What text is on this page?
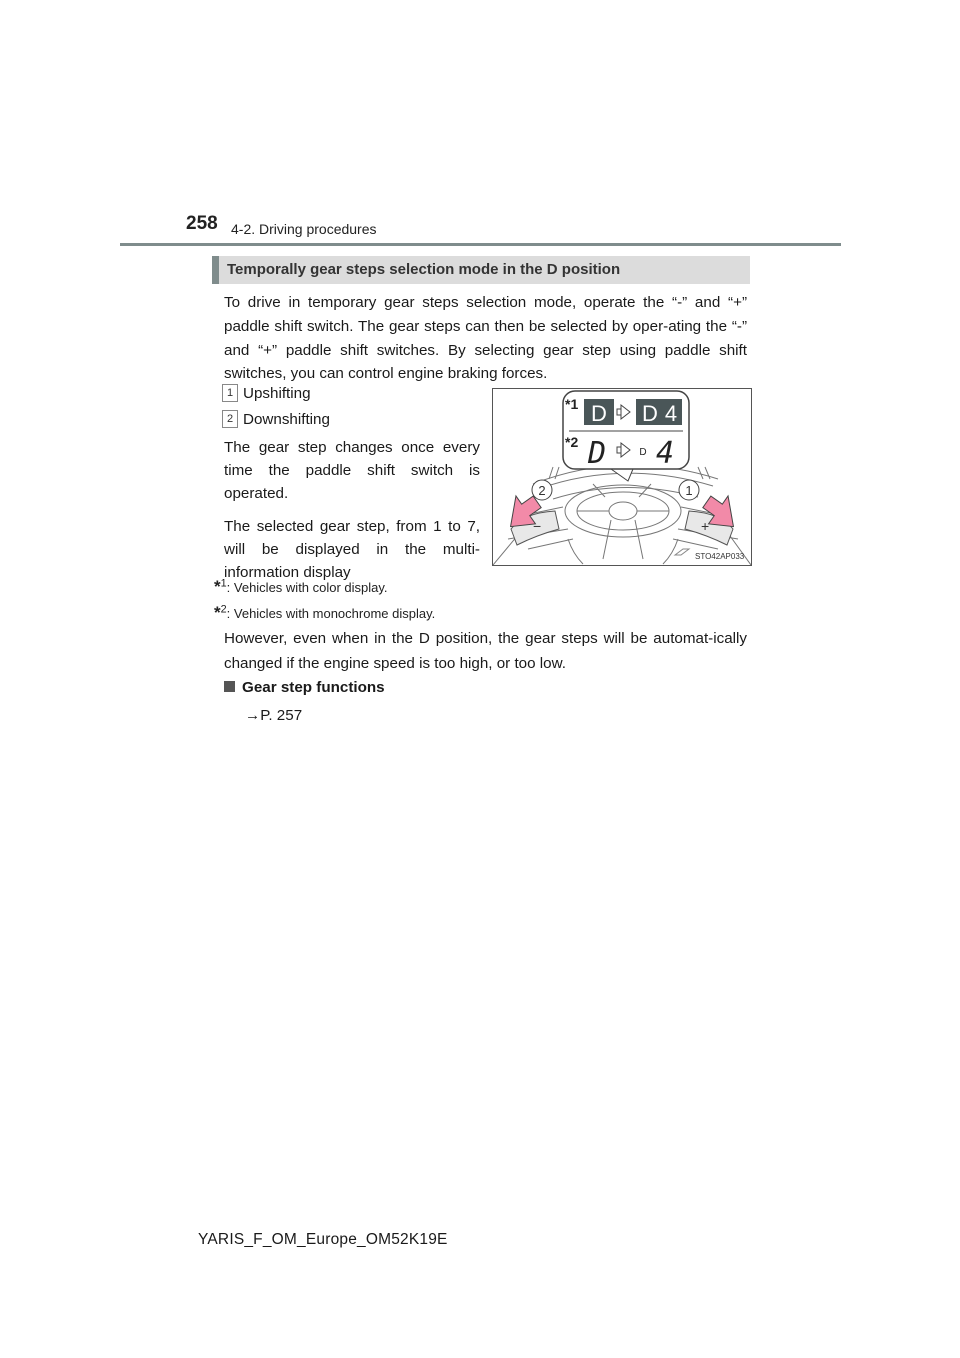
258 4-2. Driving procedures
Temporally gear steps selection mode in the D position
To drive in temporary gear steps selection mode, operate the “-” and “+” paddle shift switch. The gear steps can then be selected by oper-ating the “-” and “+” paddle shift switches. By selecting gear step using paddle shift switches, you can control engine braking forces.
1 Upshifting
2 Downshifting

The gear step changes once every time the paddle shift switch is operated.

The selected gear step, from 1 to 7, will be displayed in the multi-information display

*$^1$: Vehicles with color display.
*$^2$: Vehicles with monochrome display.
However, even when in the D position, the gear steps will be automat-ically changed if the engine speed is too high, or too low.
Gear step functions
→P. 257
−	+
2	1
*1 D D 4
*2 D	D 4
STO42AP033
YARIS_F_OM_Europe_OM52K19E
